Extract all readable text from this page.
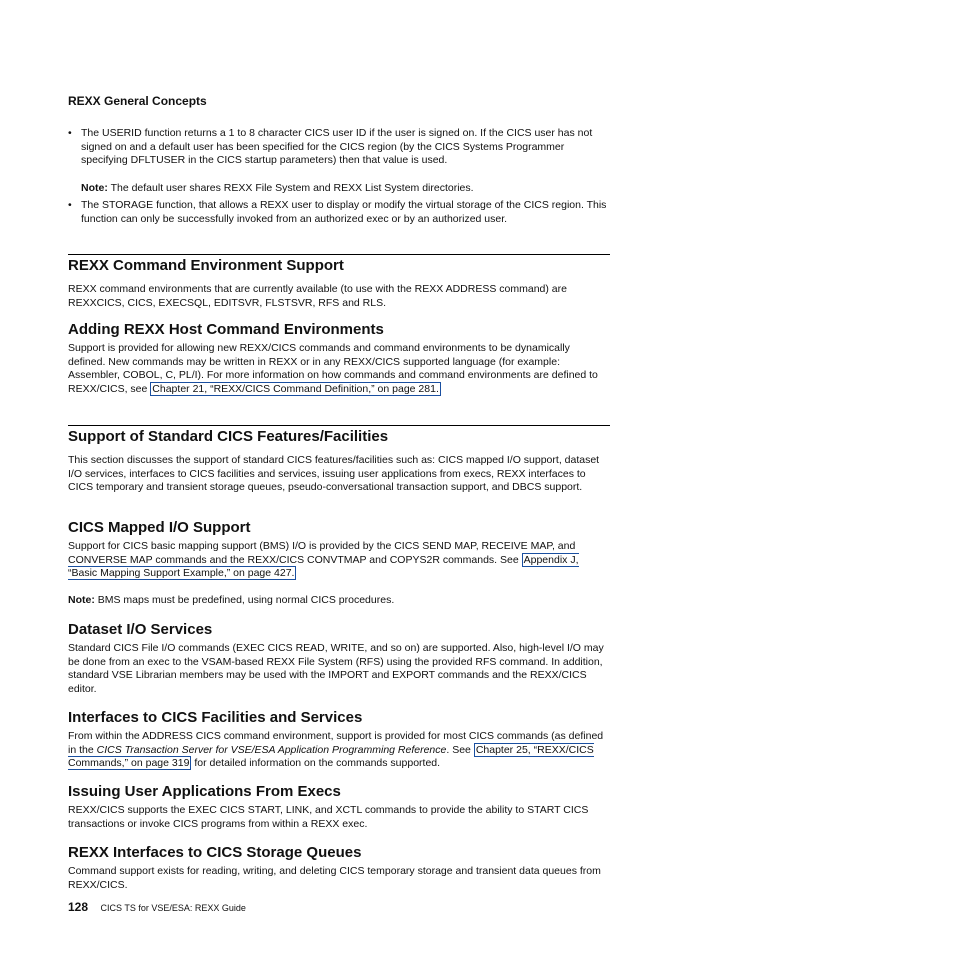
REXX General Concepts
• The USERID function returns a 1 to 8 character CICS user ID if the user is signed on. If the CICS user has not signed on and a default user has been specified for the CICS region (by the CICS Systems Programmer specifying DFLTUSER in the CICS startup parameters) then that value is used.
Note: The default user shares REXX File System and REXX List System directories.
• The STORAGE function, that allows a REXX user to display or modify the virtual storage of the CICS region. This function can only be successfully invoked from an authorized exec or by an authorized user.
REXX Command Environment Support

REXX command environments that are currently available (to use with the REXX ADDRESS command) are REXXCICS, CICS, EXECSQL, EDITSVR, FLSTSVR, RFS and RLS.

Adding REXX Host Command Environments

Support is provided for allowing new REXX/CICS commands and command environments to be dynamically defined. New commands may be written in REXX or in any REXX/CICS supported language (for example: Assembler, COBOL, C, PL/I). For more information on how commands and command environments are defined to REXX/CICS, see Chapter 21, “REXX/CICS Command Definition,” on page 281.

Support of Standard CICS Features/Facilities

This section discusses the support of standard CICS features/facilities such as: CICS mapped I/O support, dataset I/O services, interfaces to CICS facilities and services, issuing user applications from execs, REXX interfaces to CICS temporary and transient storage queues, pseudo-conversational transaction support, and DBCS support.

CICS Mapped I/O Support

Support for CICS basic mapping support (BMS) I/O is provided by the CICS SEND MAP, RECEIVE MAP, and CONVERSE MAP commands and the REXX/CICS CONVTMAP and COPYS2R commands. See Appendix J, “Basic Mapping Support Example,” on page 427.

Note: BMS maps must be predefined, using normal CICS procedures.
Dataset I/O Services

Standard CICS File I/O commands (EXEC CICS READ, WRITE, and so on) are supported. Also, high-level I/O may be done from an exec to the VSAM-based REXX File System (RFS) using the provided RFS command. In addition, standard VSE Librarian members may be used with the IMPORT and EXPORT commands and the REXX/CICS editor.

Interfaces to CICS Facilities and Services

From within the ADDRESS CICS command environment, support is provided for most CICS commands (as defined in the CICS Transaction Server for VSE/ESA Application Programming Reference. See Chapter 25, “REXX/CICS Commands,” on page 319 for detailed information on the commands supported.

Issuing User Applications From Execs

REXX/CICS supports the EXEC CICS START, LINK, and XCTL commands to provide the ability to START CICS transactions or invoke CICS programs from within a REXX exec.

REXX Interfaces to CICS Storage Queues

Command support exists for reading, writing, and deleting CICS temporary storage and transient data queues from REXX/CICS.

128 CICS TS for VSE/ESA: REXX Guide
